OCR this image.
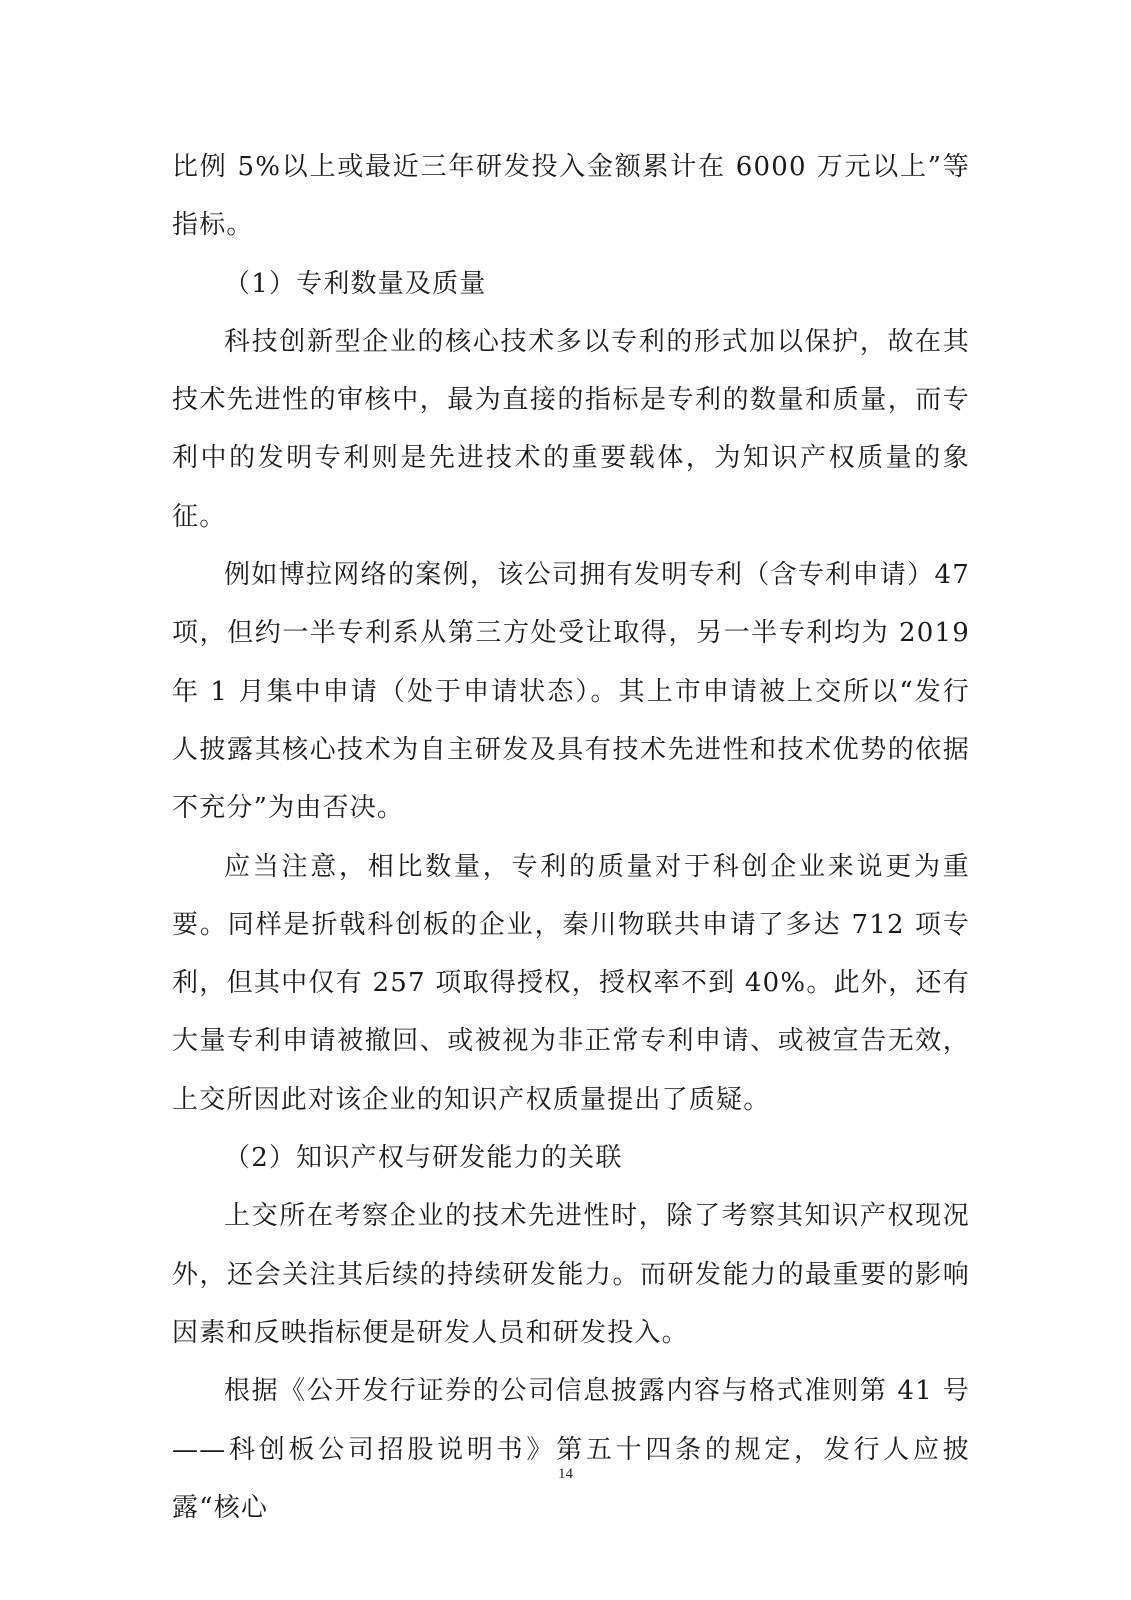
比例 5%以上或最近三年研发投入金额累计在 6000 万元以上”等指标。

（1）专利数量及质量

科技创新型企业的核心技术多以专利的形式加以保护，故在其技术先进性的审核中，最为直接的指标是专利的数量和质量，而专利中的发明专利则是先进技术的重要载体，为知识产权质量的象征。

例如博拉网络的案例，该公司拥有发明专利（含专利申请）47 项，但约一半专利系从第三方处受让取得，另一半专利均为 2019 年 1 月集中申请（处于申请状态）。其上市申请被上交所以“发行人披露其核心技术为自主研发及具有技术先进性和技术优势的依据不充分”为由否决。

应当注意，相比数量，专利的质量对于科创企业来说更为重要。同样是折戟科创板的企业，秦川物联共申请了多达 712 项专利，但其中仅有 257 项取得授权，授权率不到 40%。此外，还有大量专利申请被撤回、或被视为非正常专利申请、或被宣告无效，上交所因此对该企业的知识产权质量提出了质疑。

（2）知识产权与研发能力的关联

上交所在考察企业的技术先进性时，除了考察其知识产权现况外，还会关注其后续的持续研发能力。而研发能力的最重要的影响因素和反映指标便是研发人员和研发投入。

根据《公开发行证券的公司信息披露内容与格式准则第 41 号——科创板公司招股说明书》第五十四条的规定，发行人应披露“核心

14
